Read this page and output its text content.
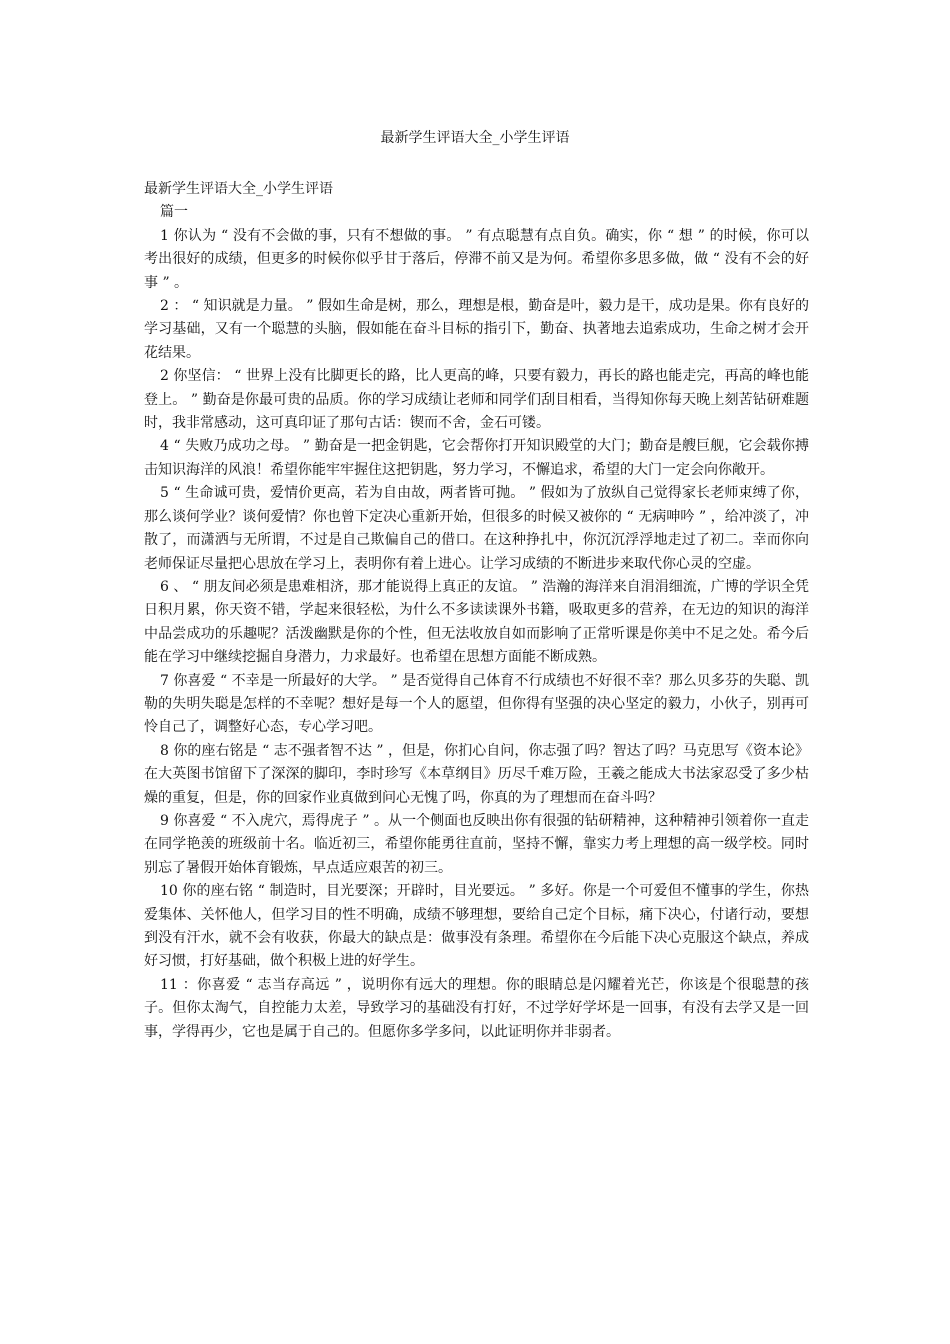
最新学生评语大全_小学生评语

最新学生评语大全_小学生评语

篇一

1 你认为 “ 没有不会做的事，只有不想做的事。 ” 有点聪慧有点自负。确实，你 “ 想 ” 的时候，你可以考出很好的成绩，但更多的时候你似乎甘于落后，停滞不前又是为何。希望你多思多做，做 “ 没有不会的好事 ” 。

2 ： “ 知识就是力量。 ” 假如生命是树，那么，理想是根，勤奋是叶，毅力是干，成功是果。你有良好的学习基础，又有一个聪慧的头脑，假如能在奋斗目标的指引下，勤奋、执著地去追索成功，生命之树才会开花结果。

2 你坚信： “ 世界上没有比脚更长的路，比人更高的峰，只要有毅力，再长的路也能走完，再高的峰也能登上。 ” 勤奋是你最可贵的品质。你的学习成绩让老师和同学们刮目相看，当得知你每天晚上刻苦钻研难题时，我非常感动，这可真印证了那句古话：锲而不舍，金石可镂。

4 “ 失败乃成功之母。 ” 勤奋是一把金钥匙，它会帮你打开知识殿堂的大门；勤奋是艘巨舰，它会载你搏击知识海洋的风浪！希望你能牢牢握住这把钥匙，努力学习，不懈追求，希望的大门一定会向你敞开。

5 “ 生命诚可贵，爱情价更高，若为自由故，两者皆可抛。 ” 假如为了放纵自己觉得家长老师束缚了你，那么谈何学业？谈何爱情？你也曾下定决心重新开始，但很多的时候又被你的 “ 无病呻吟 ” ，给冲淡了，冲散了，而潇洒与无所谓，不过是自己欺偏自己的借口。在这种挣扎中，你沉沉浮浮地走过了初二。幸而你向老师保证尽量把心思放在学习上，表明你有着上进心。让学习成绩的不断进步来取代你心灵的空虚。

6 、 “ 朋友间必须是患难相济，那才能说得上真正的友谊。 ” 浩瀚的海洋来自涓涓细流，广博的学识全凭日积月累，你天资不错，学起来很轻松，为什么不多读读课外书籍，吸取更多的营养，在无边的知识的海洋中品尝成功的乐趣呢？活泼幽默是你的个性，但无法收放自如而影响了正常听课是你美中不足之处。希今后能在学习中继续挖掘自身潜力，力求最好。也希望在思想方面能不断成熟。

7 你喜爱 “ 不幸是一所最好的大学。 ” 是否觉得自己体育不行成绩也不好很不幸？那么贝多芬的失聪、凯勒的失明失聪是怎样的不幸呢？想好是每一个人的愿望，但你得有坚强的决心坚定的毅力，小伙子，别再可怜自己了，调整好心态，专心学习吧。

8 你的座右铭是 “ 志不强者智不达 ” ，但是，你扪心自问，你志强了吗？智达了吗？马克思写《资本论》在大英图书馆留下了深深的脚印，李时珍写《本草纲目》历尽千难万险，王羲之能成大书法家忍受了多少枯燥的重复，但是，你的回家作业真做到问心无愧了吗，你真的为了理想而在奋斗吗？

9 你喜爱 “ 不入虎穴，焉得虎子 ” 。从一个侧面也反映出你有很强的钻研精神，这种精神引领着你一直走在同学艳羡的班级前十名。临近初三，希望你能勇往直前，坚持不懈，靠实力考上理想的高一级学校。同时别忘了暑假开始体育锻炼，早点适应艰苦的初三。

10 你的座右铭 “ 制造时，目光要深；开辟时，目光要远。 ” 多好。你是一个可爱但不懂事的学生，你热爱集体、关怀他人，但学习目的性不明确，成绩不够理想，要给自己定个目标，痛下决心，付诸行动，要想到没有汗水，就不会有收获，你最大的缺点是：做事没有条理。希望你在今后能下决心克服这个缺点，养成好习惯，打好基础，做个积极上进的好学生。

11 ：你喜爱 “ 志当存高远 ” ，说明你有远大的理想。你的眼睛总是闪耀着光芒，你该是个很聪慧的孩子。但你太淘气，自控能力太差，导致学习的基础没有打好，不过学好学坏是一回事，有没有去学又是一回事，学得再少，它也是属于自己的。但愿你多学多问，以此证明你并非弱者。
